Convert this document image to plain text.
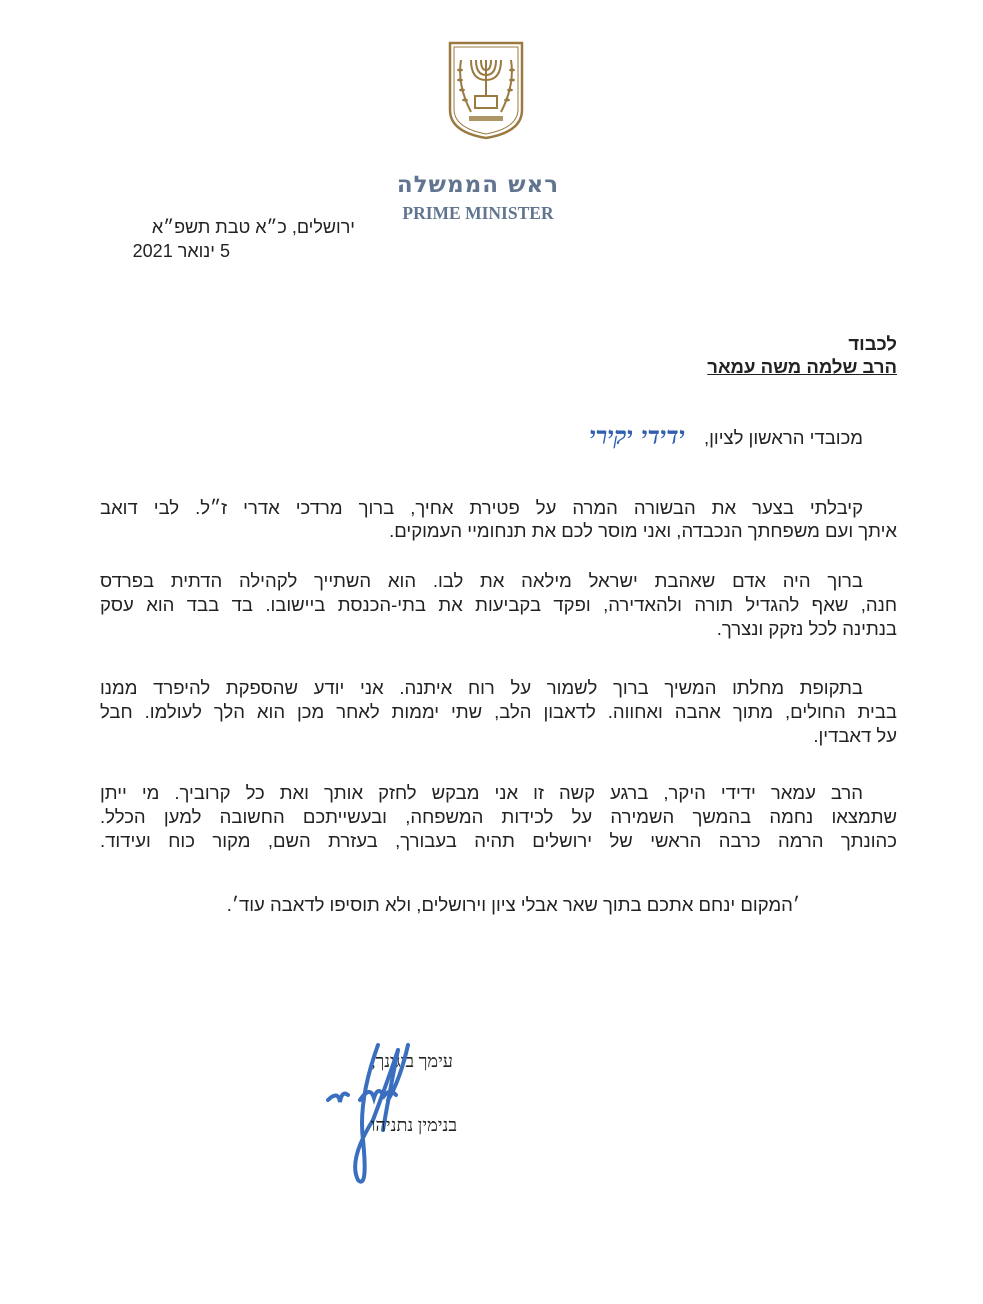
ראש הממשלה
PRIME MINISTER
ירושלים, כ״א טבת תשפ״א
5 ינואר 2021
לכבוד
הרב שלמה משה עמאר
מכובדי הראשון לציון, ידידי יקירי
קיבלתי בצער את הבשורה המרה על פטירת אחיך, ברוך מרדכי אדרי ז״ל. לבי דואב
איתך ועם משפחתך הנכבדה, ואני מוסר לכם את תנחומיי העמוקים.
ברוך היה אדם שאהבת ישראל מילאה את לבו. הוא השתייך לקהילה הדתית בפרדס
חנה, שאף להגדיל תורה ולהאדירה, ופקד בקביעות את בתי-הכנסת ביישובו. בד בבד הוא עסק
בנתינה לכל נזקק ונצרך.
בתקופת מחלתו המשיך ברוך לשמור על רוח איתנה. אני יודע שהספקת להיפרד ממנו
בבית החולים, מתוך אהבה ואחווה. לדאבון הלב, שתי יממות לאחר מכן הוא הלך לעולמו. חבל
על דאבדין.
הרב עמאר ידידי היקר, ברגע קשה זו אני מבקש לחזק אותך ואת כל קרוביך. מי ייתן
שתמצאו נחמה בהמשך השמירה על לכידות המשפחה, ובעשייתכם החשובה למען הכלל.
כהונתך הרמה כרבה הראשי של ירושלים תהיה בעבורך, בעזרת השם, מקור כוח ועידוד.
׳המקום ינחם אתכם בתוך שאר אבלי ציון וירושלים, ולא תוסיפו לדאבה עוד׳.
עימך ביגונך,
בנימין נתניהו
